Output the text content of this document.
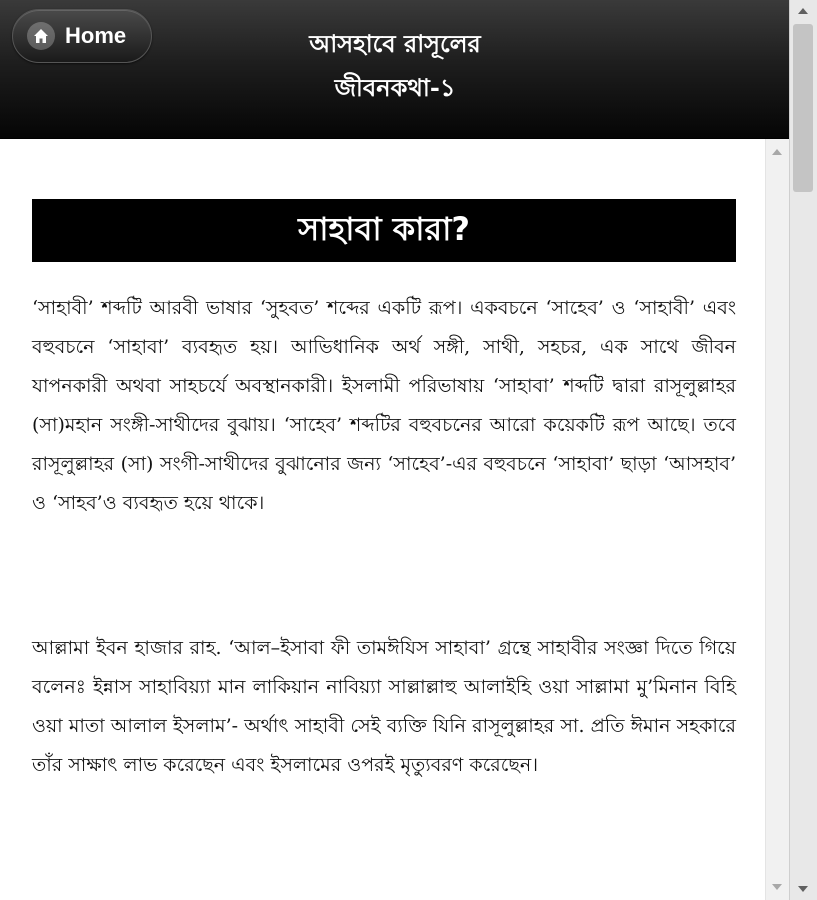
Home	আসহাবে রাসূলের
জীবনকথা-১
সাহাবা কারা?

‘সাহাবী’ শব্দটি আরবী ভাষার ‘সুহবত’ শব্দের একটি রূপ। একবচনে ‘সাহেব’ ও ‘সাহাবী’ এবং বহুবচনে ‘সাহাবা’ ব্যবহৃত হয়। আভিধানিক অর্থ সঙ্গী, সাথী, সহচর, এক সাথে জীবন যাপনকারী অথবা সাহচর্যে অবস্থানকারী। ইসলামী পরিভাষায় ‘সাহাবা’ শব্দটি দ্বারা রাসূলুল্লাহর (সা)মহান সংঙ্গী-সাথীদের বুঝায়। ‘সাহেব’ শব্দটির বহুবচনের আরো কয়েকটি রূপ আছে। তবে রাসূলুল্লাহর (সা) সংগী-সাথীদের বুঝানোর জন্য ‘সাহেব’-এর বহুবচনে ‘সাহাবা’ ছাড়া ‘আসহাব’ ও ‘সাহব’ও ব্যবহৃত হয়ে থাকে।

আল্লামা ইবন হাজার রাহ. ‘আল–ইসাবা ফী তামঈযিস সাহাবা’ গ্রন্থে সাহাবীর সংজ্ঞা দিতে গিয়ে বলেনঃ ইন্নাস সাহাবিয়্যা মান লাকিয়ান নাবিয়্যা সাল্লাল্লাহু আলাইহি ওয়া সাল্লামা মু’মিনান বিহি ওয়া মাতা আলাল ইসলাম’- অর্থাৎ সাহাবী সেই ব্যক্তি যিনি রাসূলুল্লাহর সা. প্রতি ঈমান সহকারে তাঁর সাক্ষাৎ লাভ করেছেন এবং ইসলামের ওপরই মৃত্যুবরণ করেছেন।
